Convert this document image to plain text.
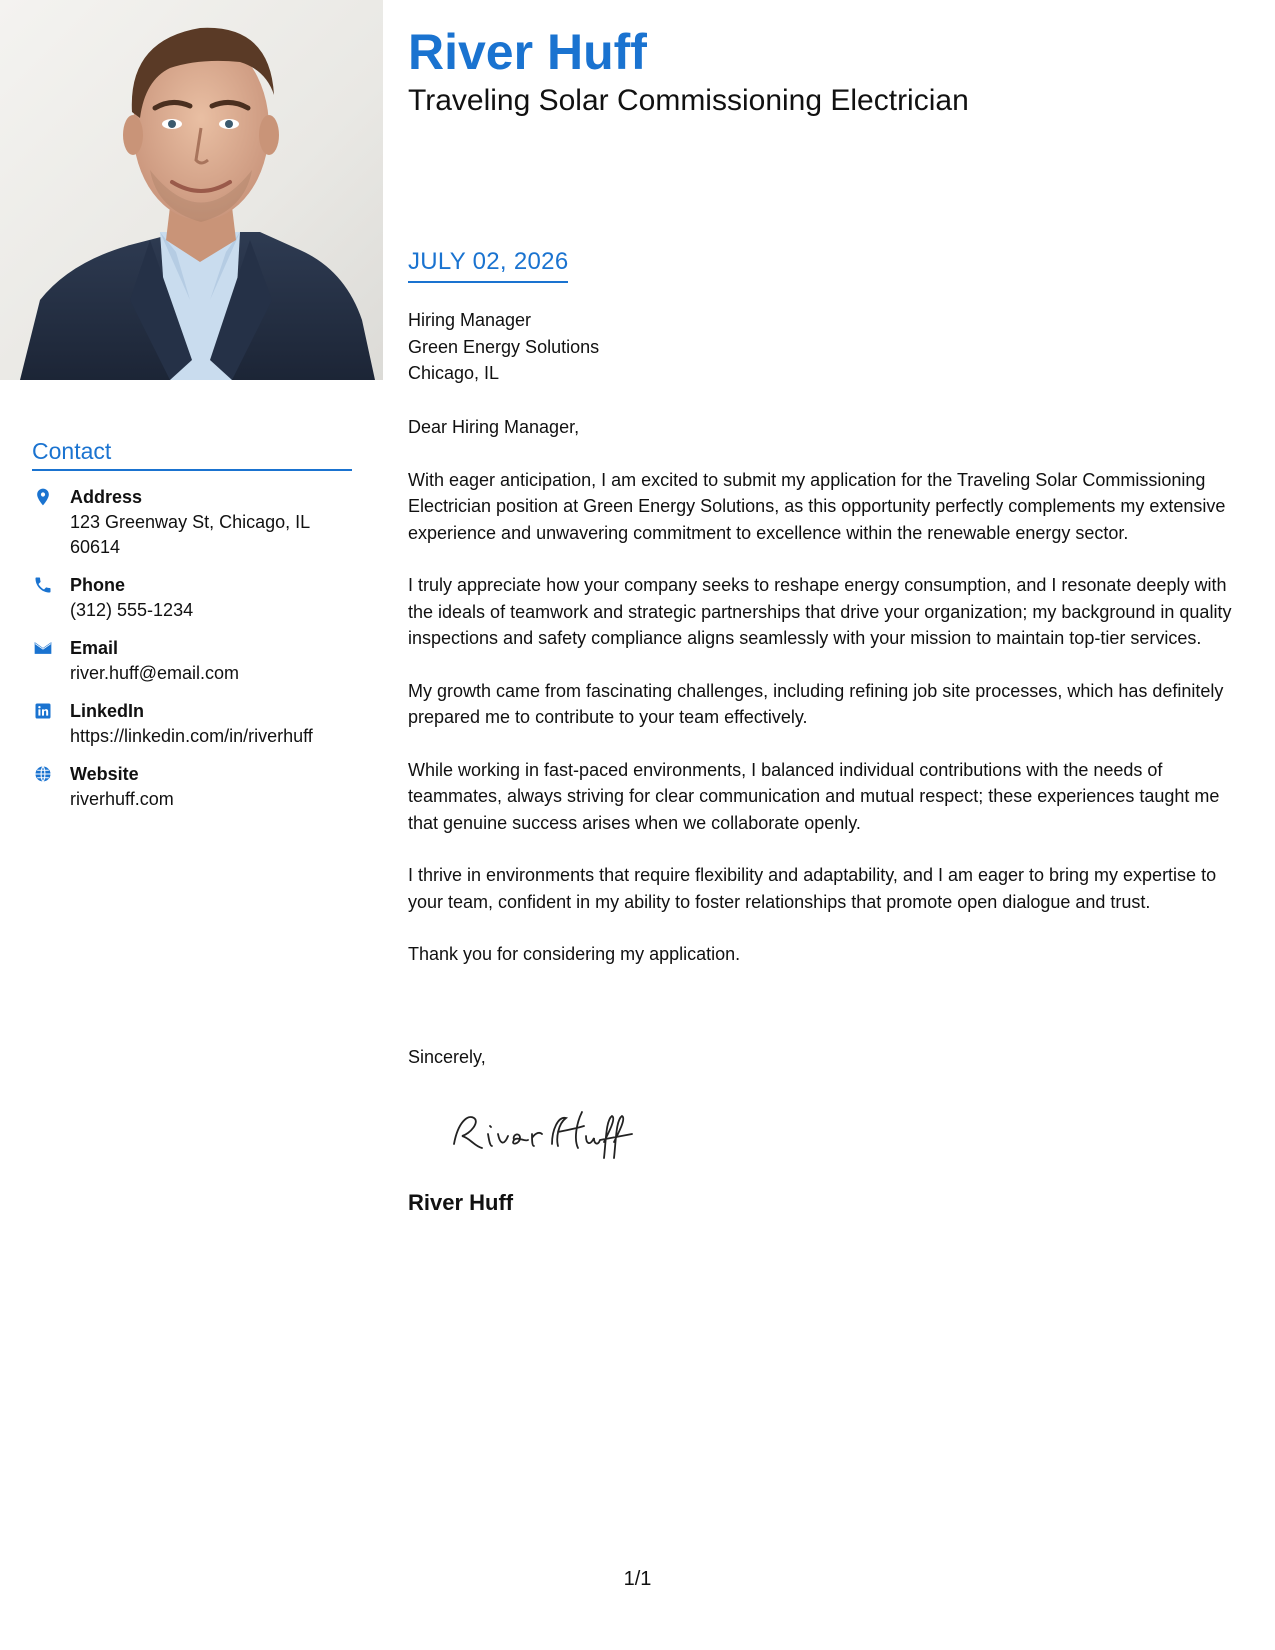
Contact
Address
123 Greenway St, Chicago, IL 60614
Phone
(312) 555-1234
Email
river.huff@email.com
LinkedIn
https://linkedin.com/in/riverhuff
Website
riverhuff.com
River Huff
Traveling Solar Commissioning Electrician
JULY 02, 2026
Hiring Manager
Green Energy Solutions
Chicago, IL

Dear Hiring Manager,

With eager anticipation, I am excited to submit my application for the Traveling Solar Commissioning Electrician position at Green Energy Solutions, as this opportunity perfectly complements my extensive experience and unwavering commitment to excellence within the renewable energy sector.

I truly appreciate how your company seeks to reshape energy consumption, and I resonate deeply with the ideals of teamwork and strategic partnerships that drive your organization; my background in quality inspections and safety compliance aligns seamlessly with your mission to maintain top-tier services.

My growth came from fascinating challenges, including refining job site processes, which has definitely prepared me to contribute to your team effectively.

While working in fast-paced environments, I balanced individual contributions with the needs of teammates, always striving for clear communication and mutual respect; these experiences taught me that genuine success arises when we collaborate openly.

I thrive in environments that require flexibility and adaptability, and I am eager to bring my expertise to your team, confident in my ability to foster relationships that promote open dialogue and trust.

Thank you for considering my application.

Sincerely,
River Huff
1/1
